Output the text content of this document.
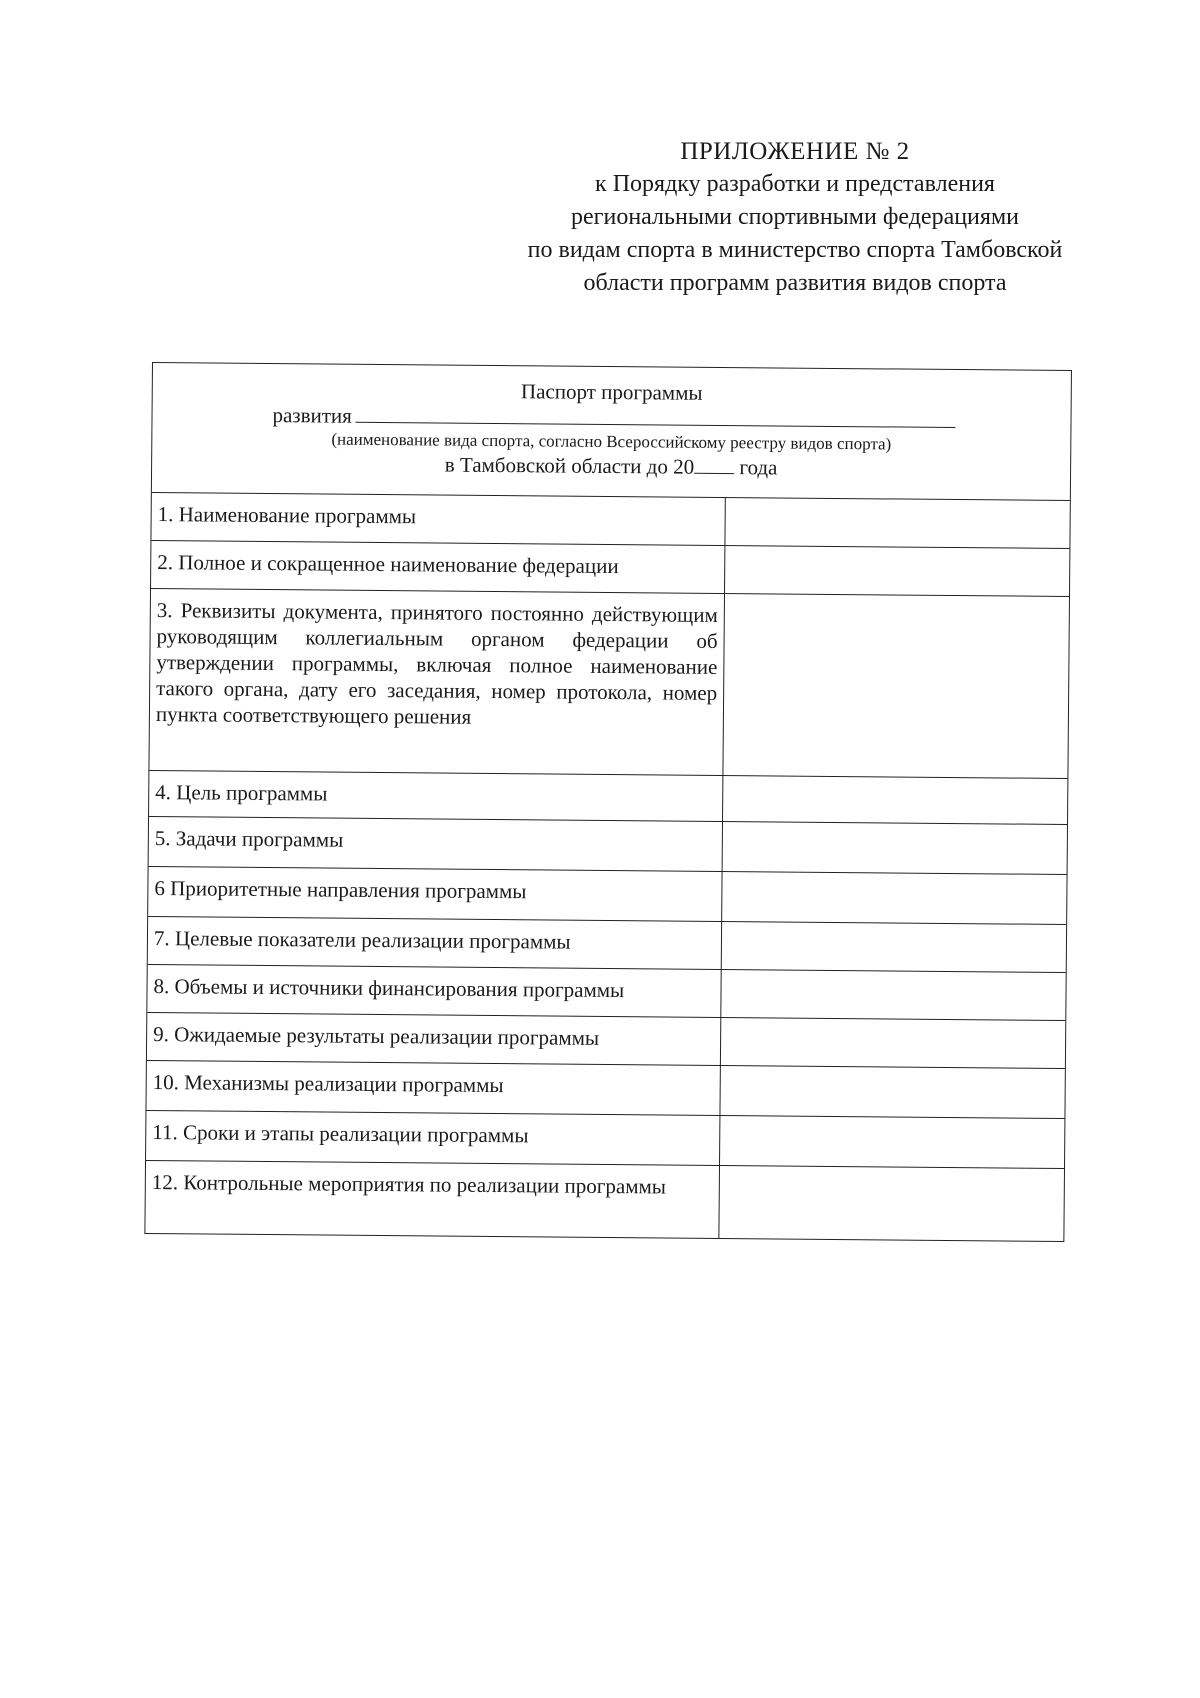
ПРИЛОЖЕНИЕ № 2
к Порядку разработки и представления
региональными спортивными федерациями
по видам спорта в министерство спорта Тамбовской
области программ развития видов спорта
Паспорт программы
развития
(наименование вида спорта, согласно Всероссийскому реестру видов спорта)
в Тамбовской области до 20 года
1. Наименование программы
2. Полное и сокращенное наименование федерации
3. Реквизиты документа, принятого постоянно действующим руководящим коллегиальным органом федерации об утверждении программы, включая полное наименование такого органа, дату его заседания, номер протокола, номер пункта соответствующего решения
4. Цель программы
5. Задачи программы
6 Приоритетные направления программы
7. Целевые показатели реализации программы
8. Объемы и источники финансирования программы
9. Ожидаемые результаты реализации программы
10. Механизмы реализации программы
11. Сроки и этапы реализации программы
12. Контрольные мероприятия по реализации программы
